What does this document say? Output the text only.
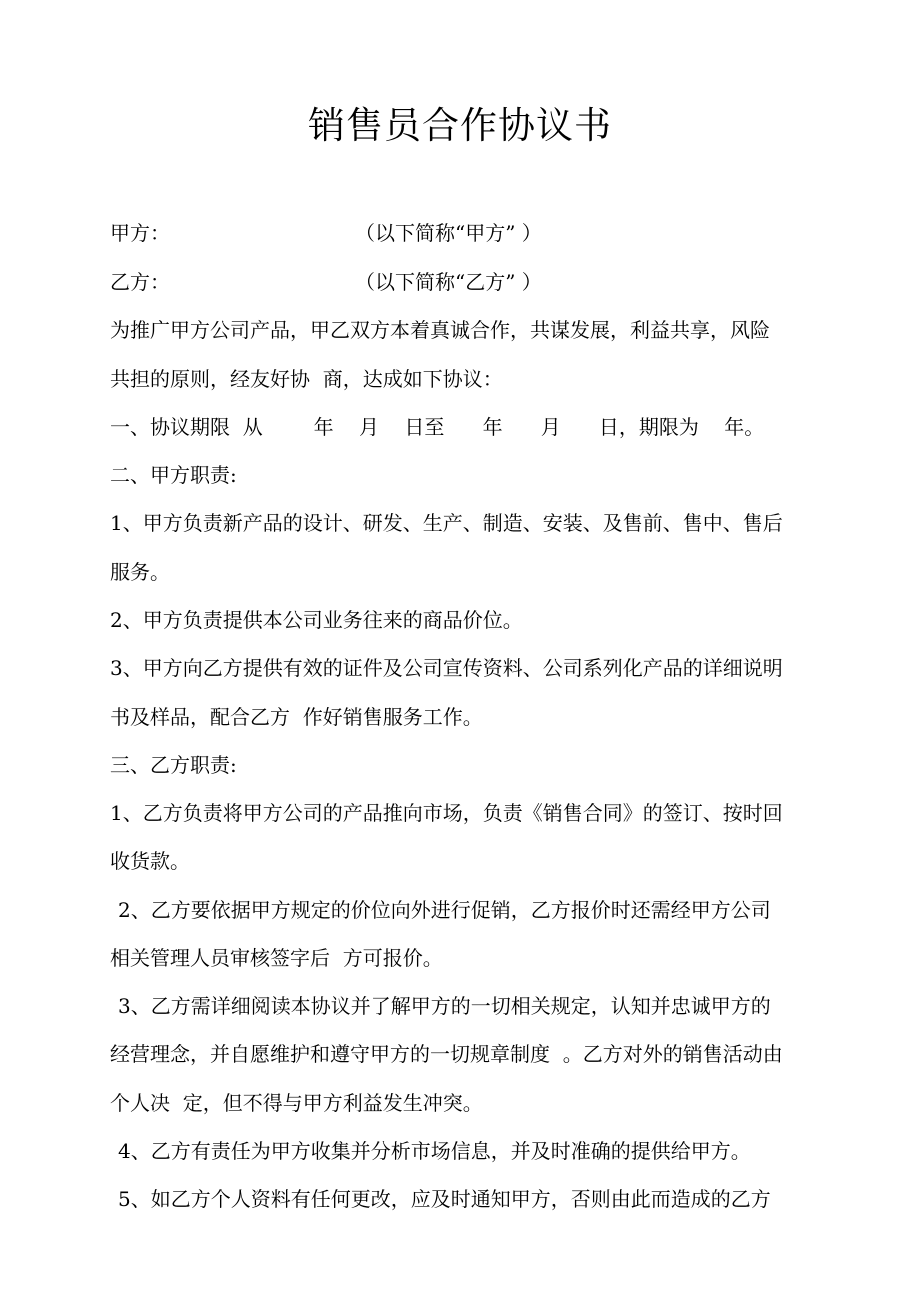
销售员合作协议书
甲方：	（以下简称“甲方” ）
乙方：	（以下简称“乙方” ）
为推广甲方公司产品，甲乙双方本着真诚合作，共谋发展，利益共享，风险
共担的原则，经友好协  商，达成如下协议：
一、协议期限  从        年    月    日至      年      月      日，期限为    年。
二、甲方职责:
1、甲方负责新产品的设计、研发、生产、制造、安装、及售前、售中、售后
服务。
2、甲方负责提供本公司业务往来的商品价位。
3、甲方向乙方提供有效的证件及公司宣传资料、公司系列化产品的详细说明
书及样品，配合乙方  作好销售服务工作。
三、乙方职责:
1、乙方负责将甲方公司的产品推向市场，负责《销售合同》的签订、按时回
收货款。
2、乙方要依据甲方规定的价位向外进行促销，乙方报价时还需经甲方公司
相关管理人员审核签字后  方可报价。
3、乙方需详细阅读本协议并了解甲方的一切相关规定，认知并忠诚甲方的
经营理念，并自愿维护和遵守甲方的一切规章制度  。乙方对外的销售活动由
个人决  定，但不得与甲方利益发生冲突。
4、乙方有责任为甲方收集并分析市场信息，并及时准确的提供给甲方。
5、如乙方个人资料有任何更改，应及时通知甲方，否则由此而造成的乙方
